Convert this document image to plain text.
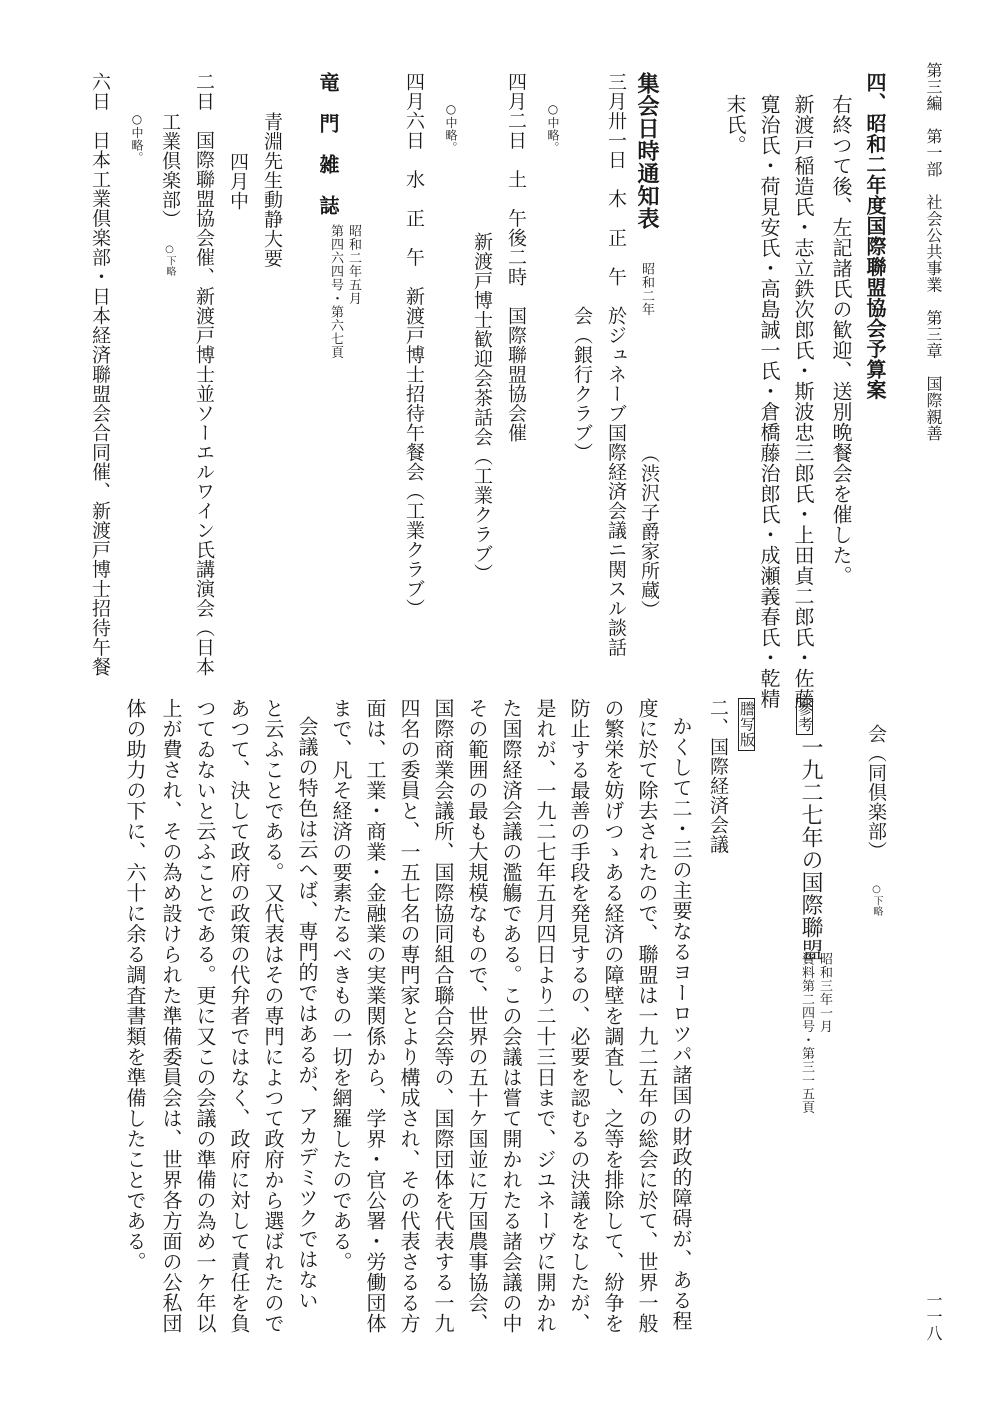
第三編　第一部　社会公共事業　第三章　国際親善
一一八
末氏。 寛治氏・荷見安氏・高島誠一氏・倉橋藤治郎氏・成瀬義春氏・乾精 新渡戸稲造氏・志立鉄次郎氏・斯波忠三郎氏・上田貞二郎氏・佐藤 右終つて後、左記諸氏の歓迎、送別晩餐会を催した。 四、昭和二年度国際聯盟協会予算案
集会日時通知表
昭和二年
（渋沢子爵家所蔵）
三月卅一日　木　正　午　於ジュネーブ国際経済会議ニ関スル談話
会（銀行クラブ）
○中略。
四月二日　土　午後二時　国際聯盟協会催
新渡戸博士歓迎会茶話会（工業クラブ）
○中略。
四月六日　水　正　午　新渡戸博士招待午餐会（工業クラブ）
竜　門　雑　誌
第四六四号・第六七頁 昭和二年五月
青淵先生動静大要
四月中
二日　国際聯盟協会催、新渡戸博士並ソーエルワイン氏講演会（日本
工業倶楽部）
○下略
○中略。
六日　日本工業倶楽部・日本経済聯盟会合同催、新渡戸博士招待午餐
会（同倶楽部）
○下略
参考
一九二七年の国際聯盟
資料第二四号・第三一五頁 昭和三年一月
謄写版
二、国際経済会議
かくして二・三の主要なるヨーロツパ諸国の財政的障碍が、ある程
度に於て除去されたので、聯盟は一九二五年の総会に於て、世界一般
の繁栄を妨げつゝある経済の障壁を調査し、之等を排除して、紛争を
防止する最善の手段を発見するの、必要を認むるの決議をなしたが、
是れが、一九二七年五月四日より二十三日まで、ジユネーヴに開かれ
た国際経済会議の濫觴である。この会議は嘗て開かれたる諸会議の中
その範囲の最も大規模なもので、世界の五十ケ国並に万国農事協会、
国際商業会議所、国際協同組合聯合会等の、国際団体を代表する一九
四名の委員と、一五七名の専門家とより構成され、その代表さるる方
面は、工業・商業・金融業の実業関係から、学界・官公署・労働団体
まで、凡そ経済の要素たるべきもの一切を網羅したのである。
会議の特色は云へば、専門的ではあるが、アカデミツクではない
と云ふことである。又代表はその専門によつて政府から選ばれたので
あつて、決して政府の政策の代弁者ではなく、政府に対して責任を負
つてゐないと云ふことである。更に又この会議の準備の為め一ケ年以
上が費され、その為め設けられた準備委員会は、世界各方面の公私団
体の助力の下に、六十に余る調査書類を準備したことである。
